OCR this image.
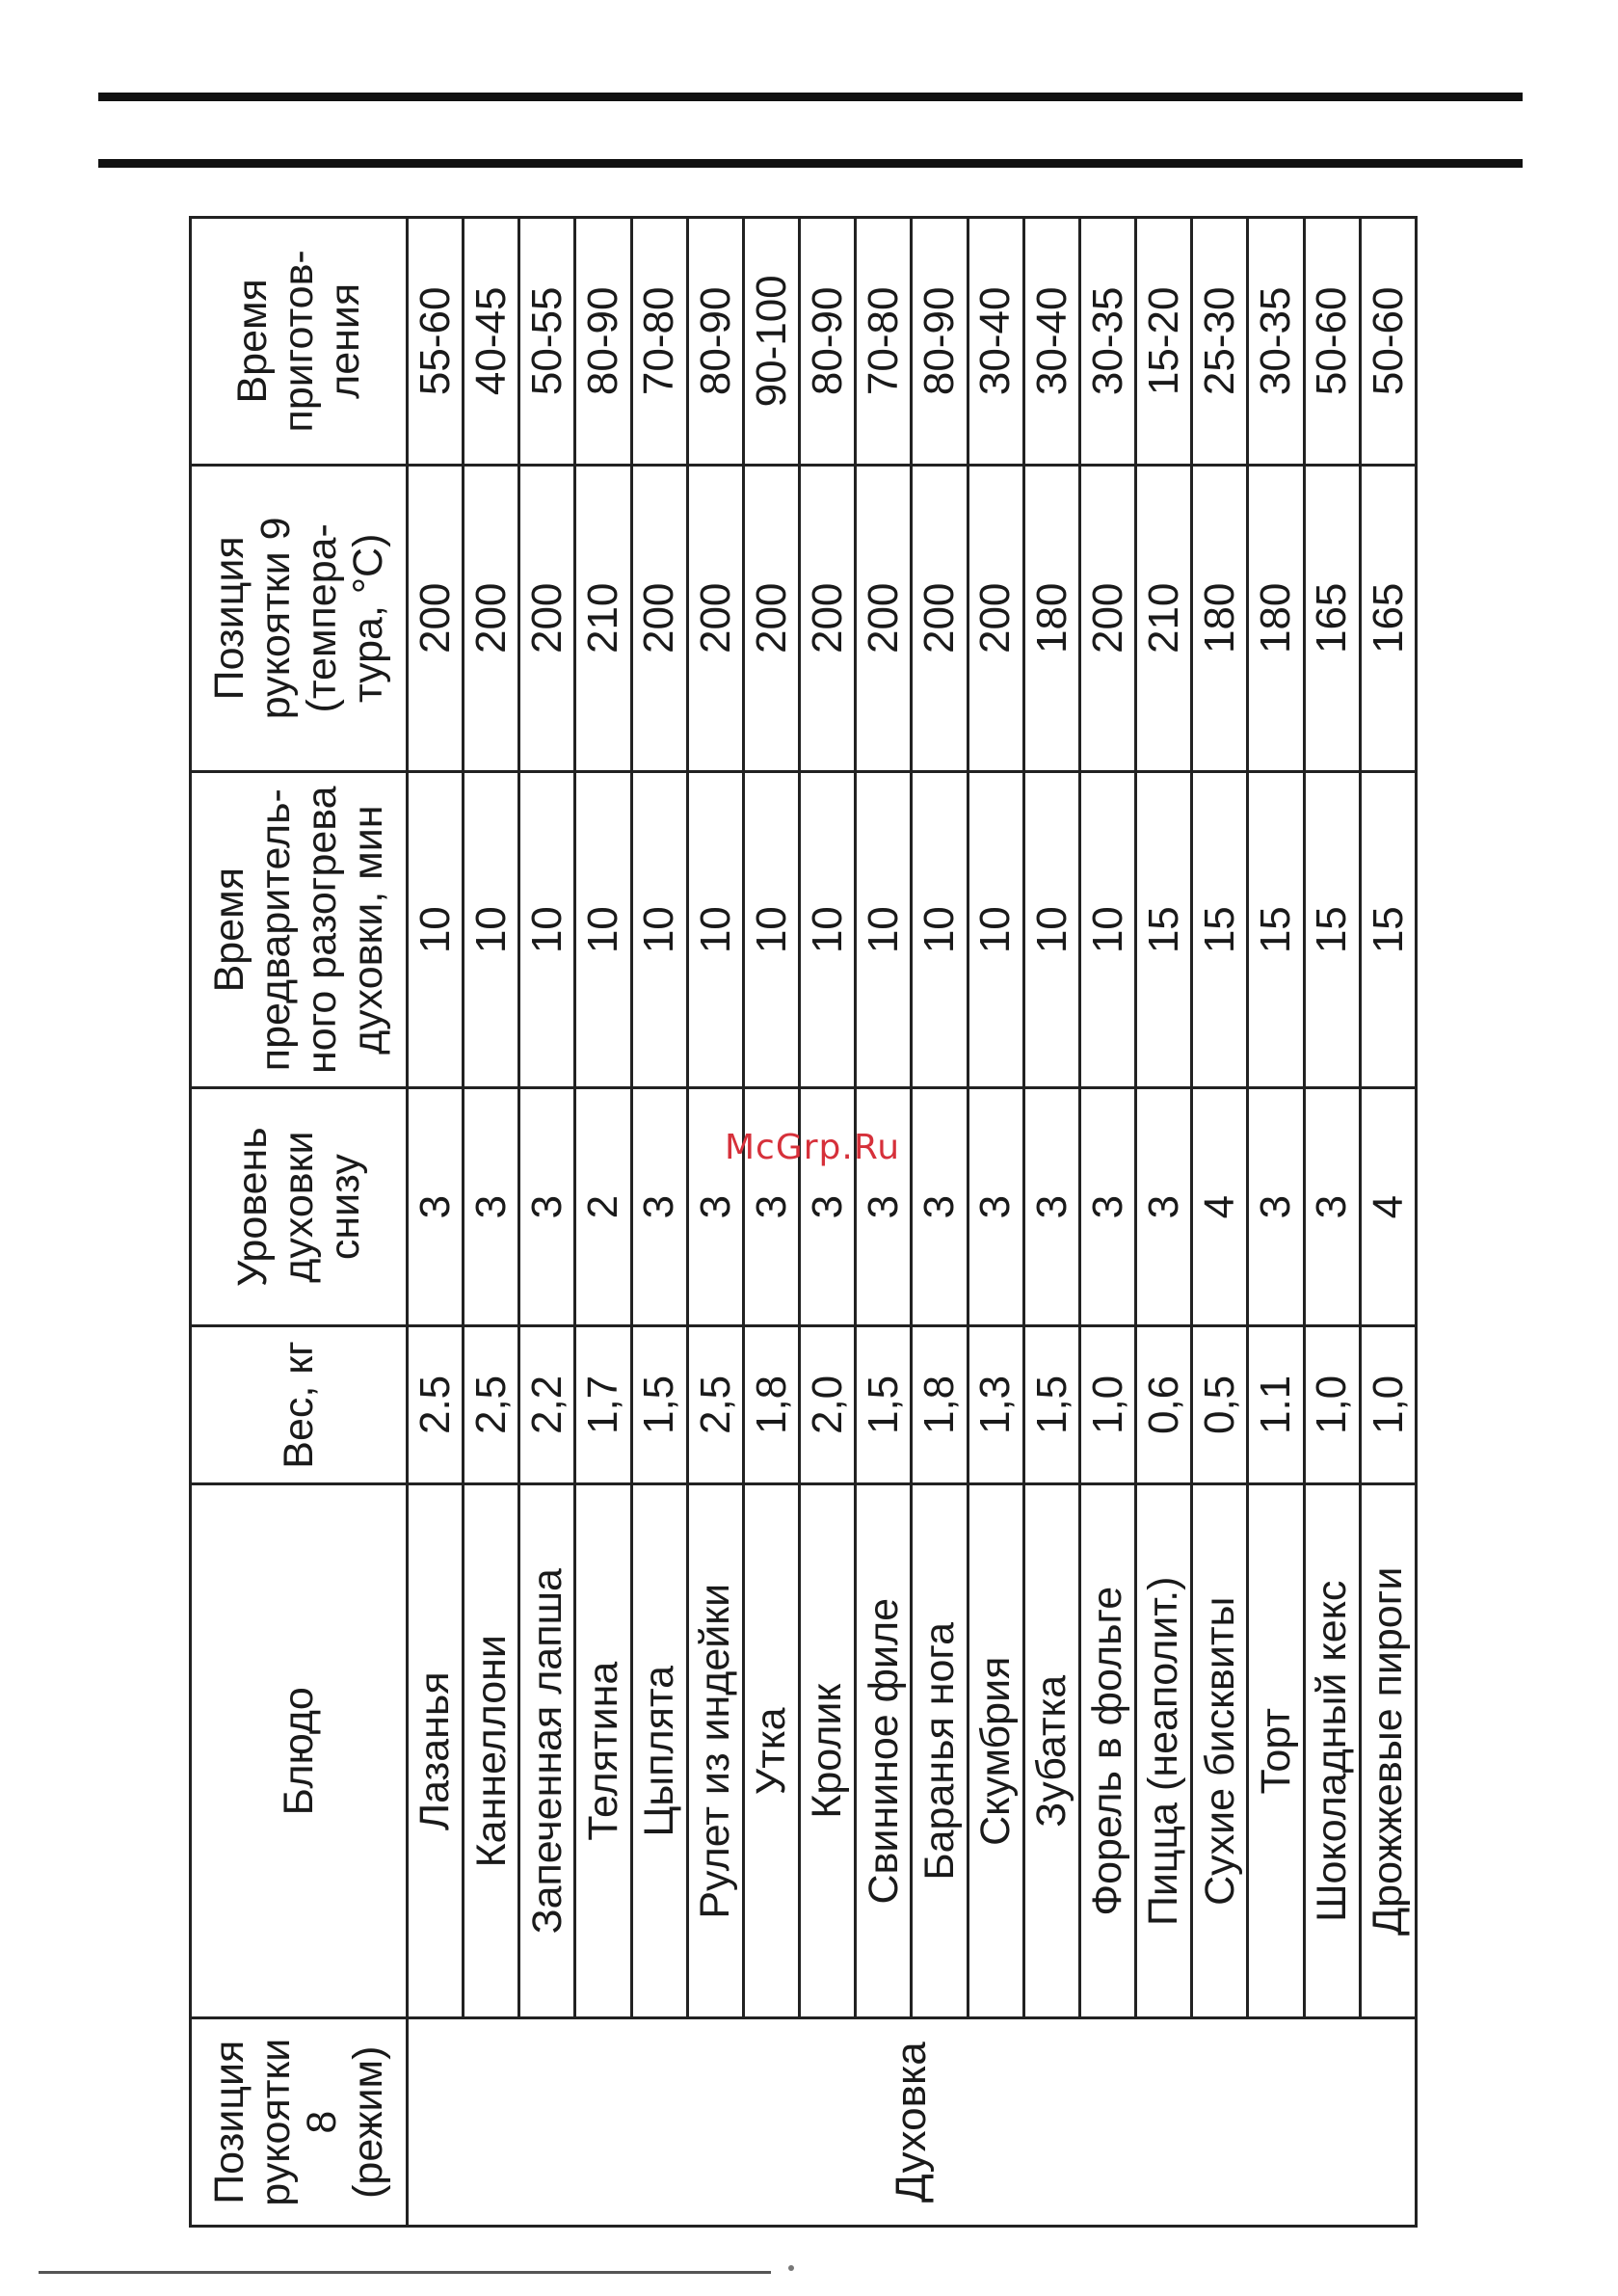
Позиция рукоятки 8 (режим)	Блюдо	Вес, кг	Уровень духовки снизу	Время предваритель-ного разогрева духовки, мин	Позиция рукоятки 9 (темпера-тура, °С)	Время приготов-ления
Духовка	Лазанья	2.5	3	10	200	55-60
	Каннеллони	2,5	3	10	200	40-45
	Запеченная лапша	2,2	3	10	200	50-55
	Телятина	1,7	2	10	210	80-90
	Цыплята	1,5	3	10	200	70-80
	Рулет из индейки	2,5	3	10	200	80-90
	Утка	1,8	3	10	200	90-100
	Кролик	2,0	3	10	200	80-90
	Свининое филе	1,5	3	10	200	70-80
	Баранья нога	1,8	3	10	200	80-90
	Скумбрия	1,3	3	10	200	30-40
	Зубатка	1,5	3	10	180	30-40
	Форель в фольге	1,0	3	10	200	30-35
	Пицца (неаполит.)	0,6	3	15	210	15-20
	Сухие бисквиты	0,5	4	15	180	25-30
	Торт	1.1	3	15	180	30-35
	Шоколадный кекс	1,0	3	15	165	50-60
	Дрожжевые пироги	1,0	4	15	165	50-60
McGrp.Ru
